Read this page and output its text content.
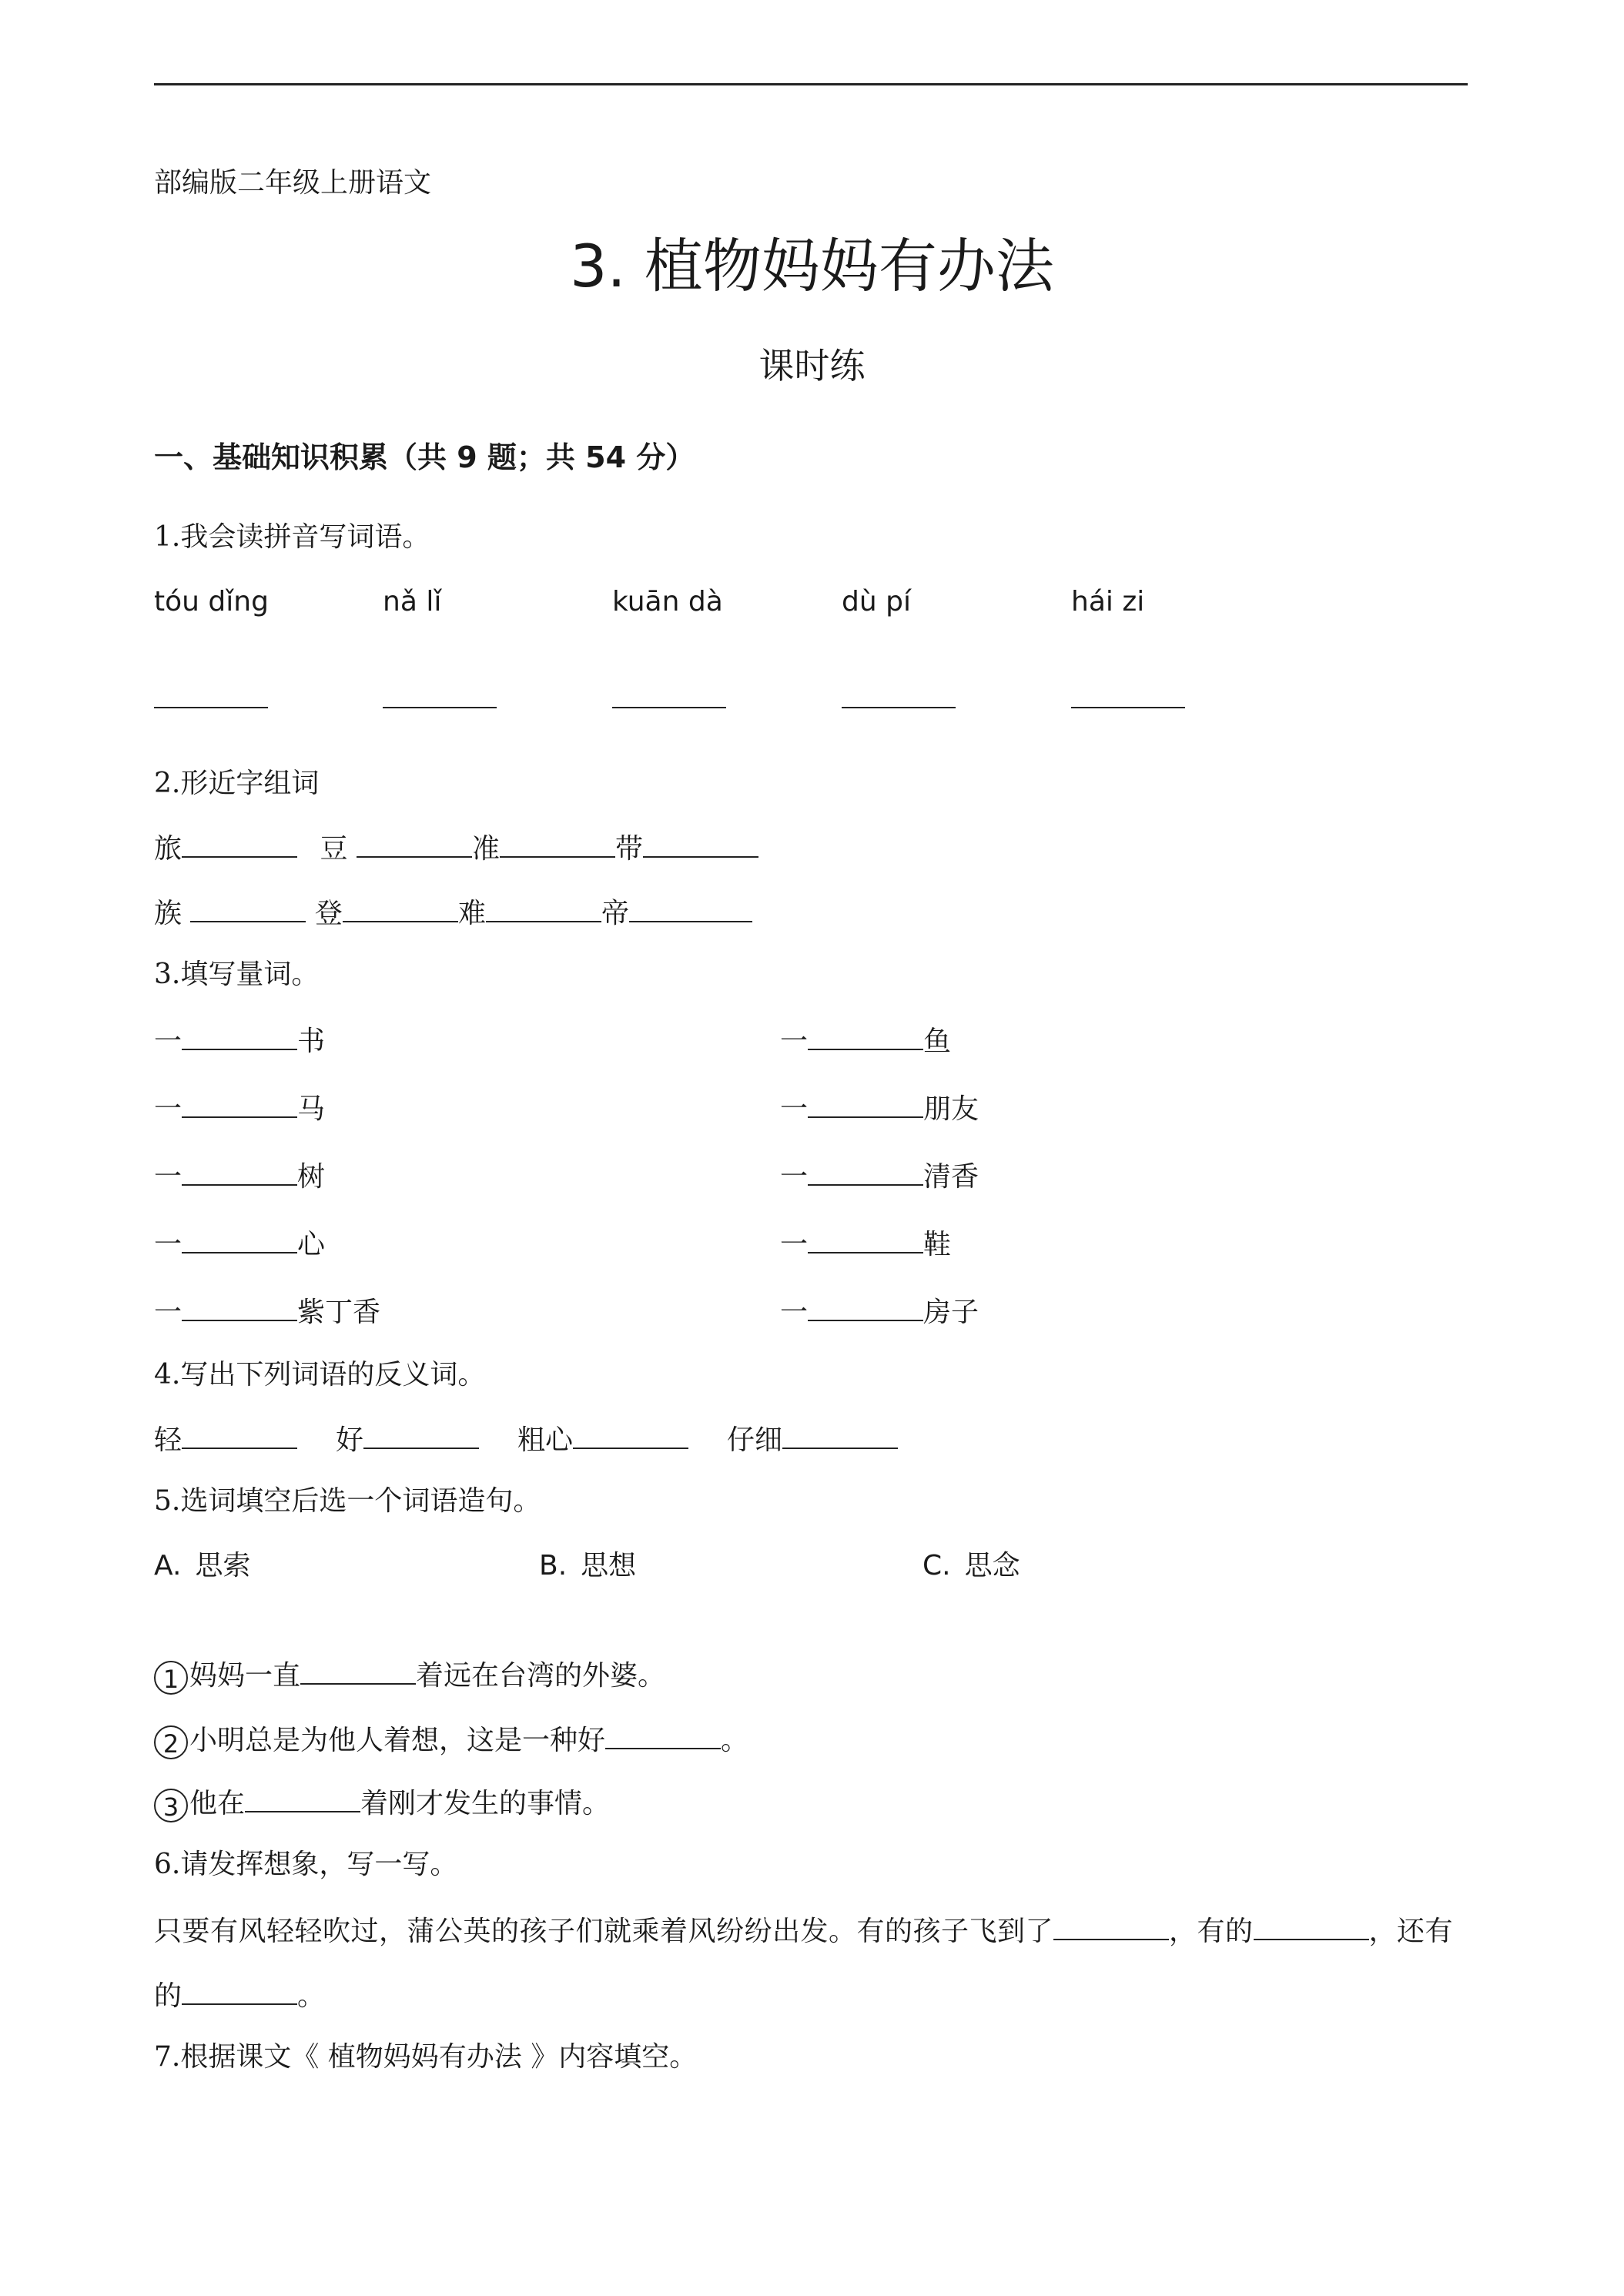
部编版二年级上册语文
3. 植物妈妈有办法
课时练
一、基础知识积累（共 9 题；共 54 分）
1.我会读拼音写词语。
tóu dǐng	nǎ lǐ	kuān dà	dù pí	hái zi
2.形近字组词
旅	豆	准	带
族	登	难	帝
3.填写量词。
一	书
一	马
一	树
一	心
一	紫丁香
一	鱼
一	朋友
一	清香
一	鞋
一	房子
4.写出下列词语的反义词。
轻	好	粗心	仔细
5.选词填空后选一个词语造句。
A. 思索	B. 思想	C. 思念
1 妈妈一直	着远在台湾的外婆。
2 小明总是为他人着想，这是一种好	。
3 他在	着刚才发生的事情。
6.请发挥想象，写一写。
只要有风轻轻吹过，蒲公英的孩子们就乘着风纷纷出发。有的孩子飞到了	，有的	，还有
的	。
7.根据课文《 植物妈妈有办法 》内容填空。
